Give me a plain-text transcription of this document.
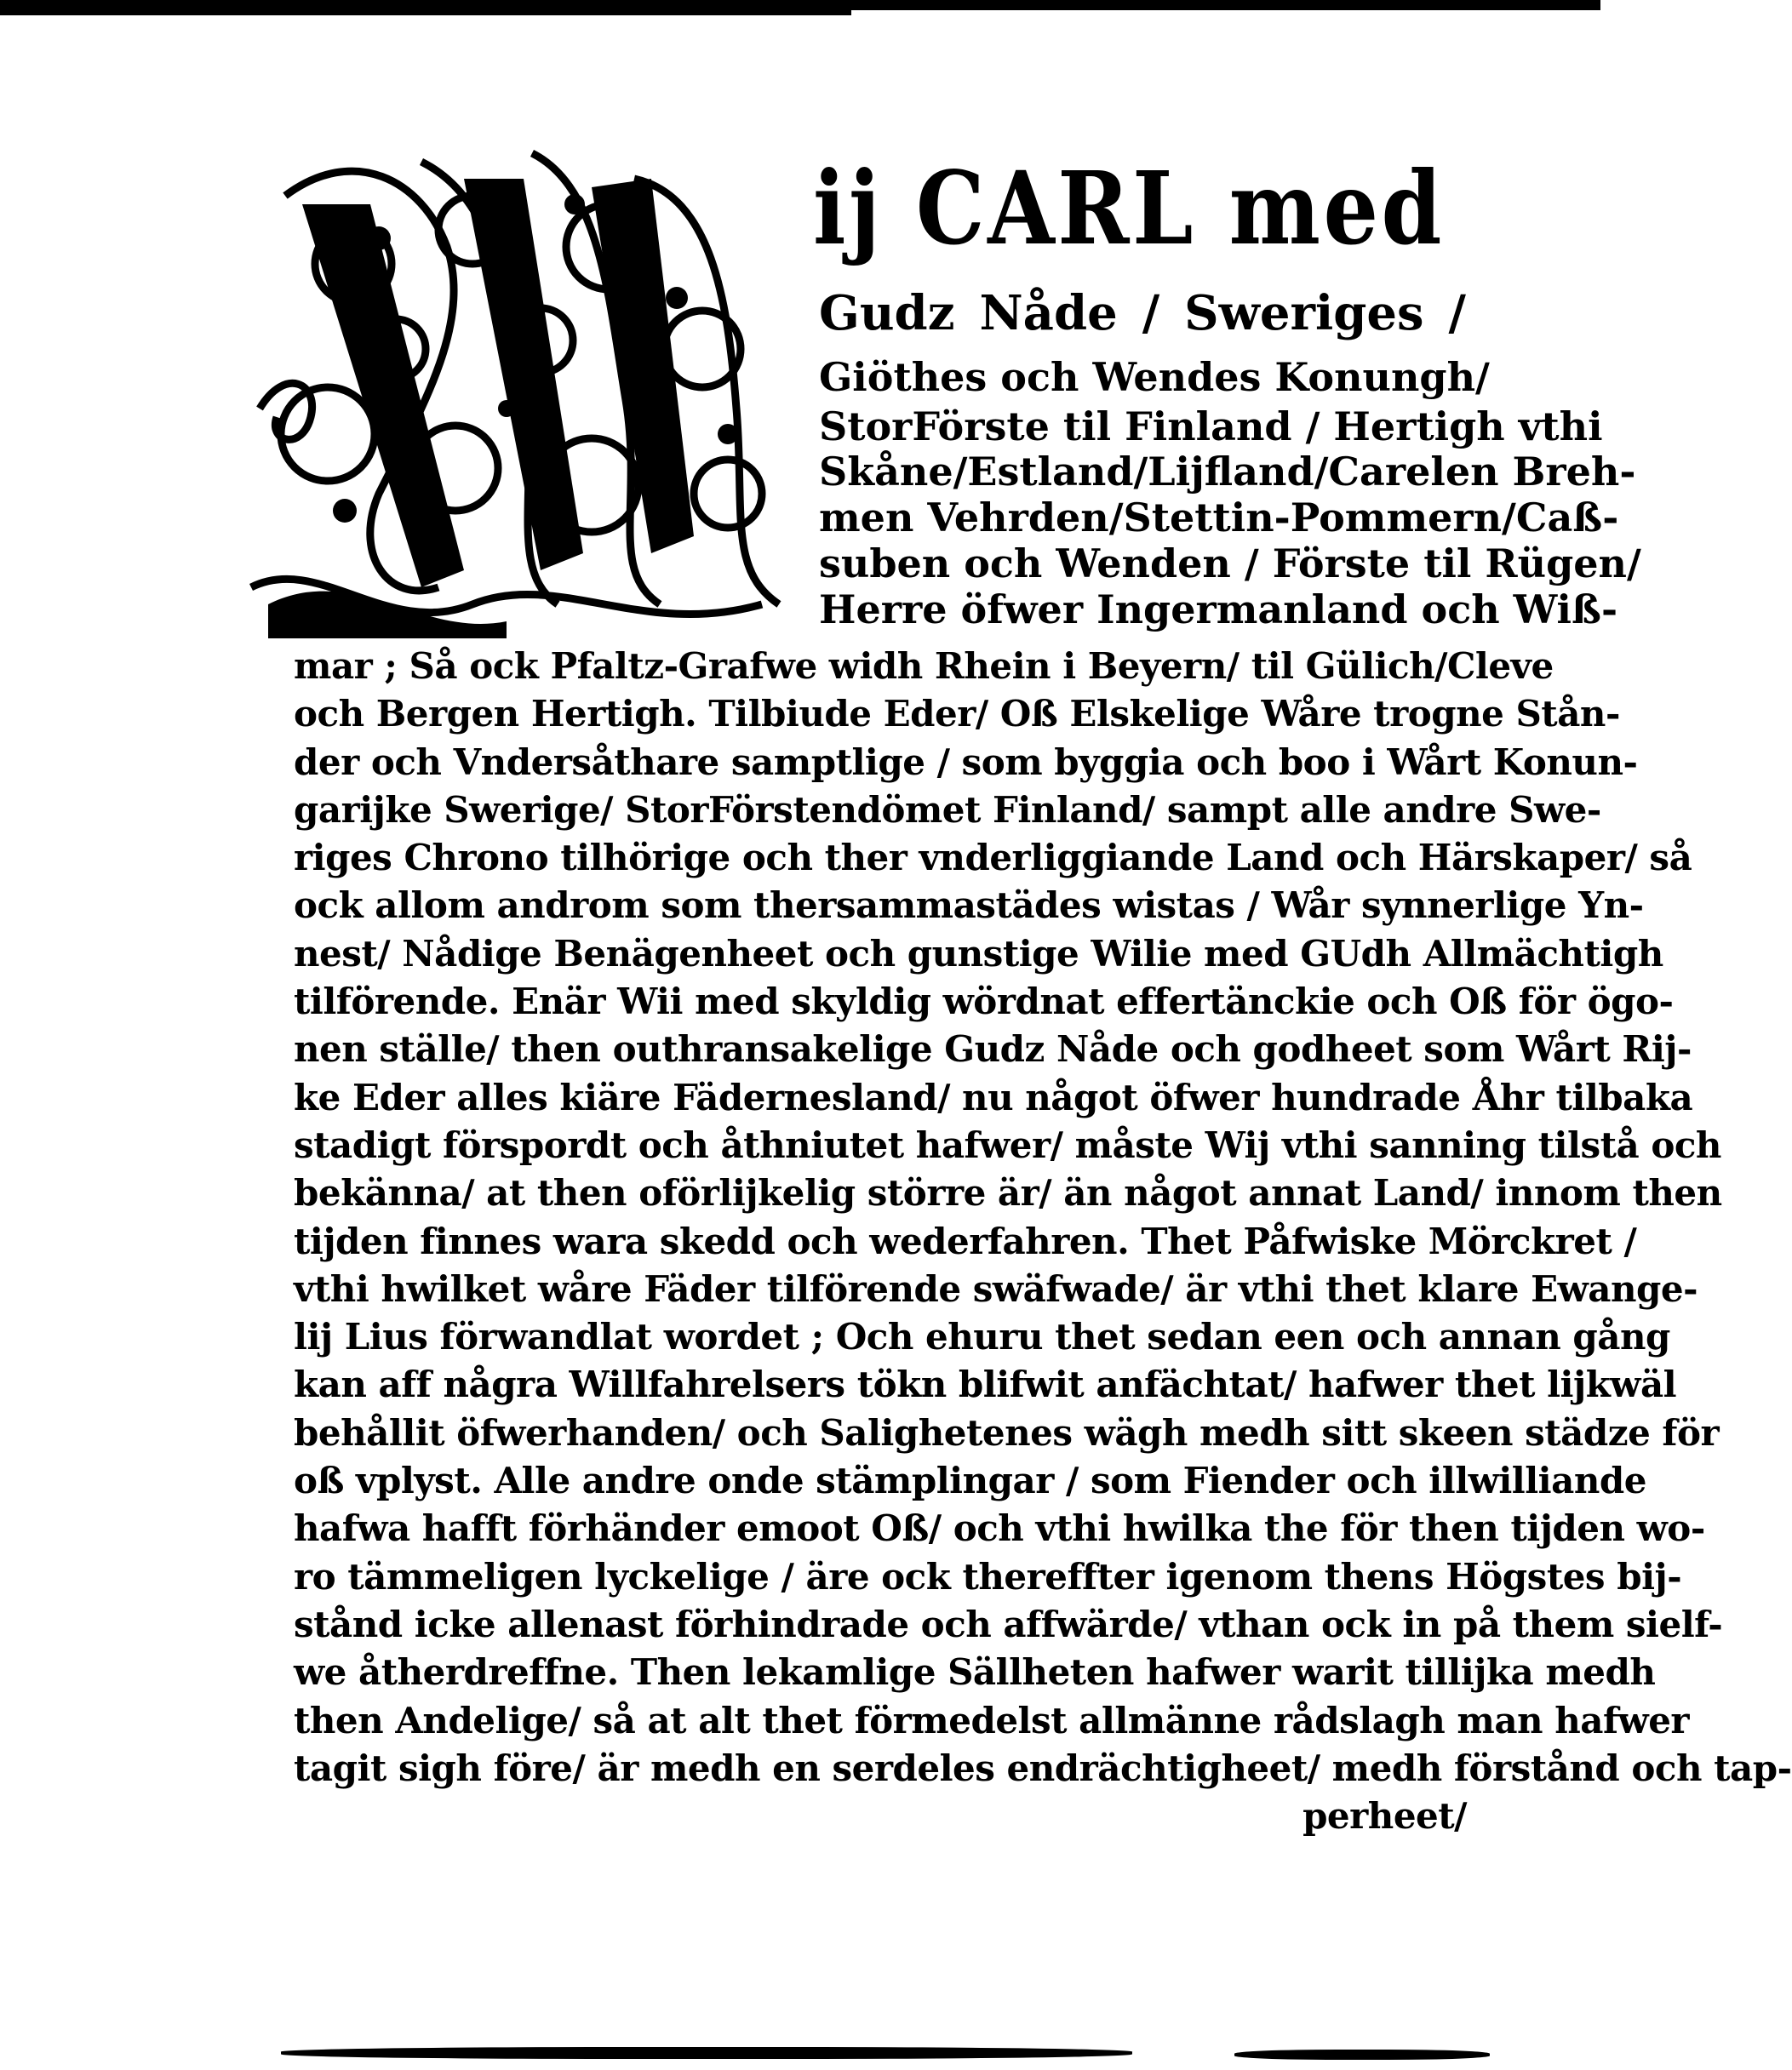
ij CARL med
Gudz Nåde / Sweriges /
Giöthes och Wendes Konungh/
StorFörste til Finland / Hertigh vthi
Skåne/Estland/Lijfland/Carelen Breh-
men Vehrden/Stettin-Pommern/Caß-
suben och Wenden / Förste til Rügen/
Herre öfwer Ingermanland och Wiß-
mar ; Så ock Pfaltz-Grafwe widh Rhein i Beyern/ til Gülich/Cleve
och Bergen Hertigh. Tilbiude Eder/ Oß Elskelige Wåre trogne Stån-
der och Vndersåthare samptlige / som byggia och boo i Wårt Konun-
garijke Swerige/ StorFörstendömet Finland/ sampt alle andre Swe-
riges Chrono tilhörige och ther vnderliggiande Land och Härskaper/ så
ock allom androm som thersammastädes wistas / Wår synnerlige Yn-
nest/ Nådige Benägenheet och gunstige Wilie med GUdh Allmächtigh
tilförende. Enär Wii med skyldig wördnat effertänckie och Oß för ögo-
nen ställe/ then outhransakelige Gudz Nåde och godheet som Wårt Rij-
ke Eder alles kiäre Fädernesland/ nu något öfwer hundrade Åhr tilbaka
stadigt förspordt och åthniutet hafwer/ måste Wij vthi sanning tilstå och
bekänna/ at then oförlijkelig större är/ än något annat Land/ innom then
tijden finnes wara skedd och wederfahren. Thet Påfwiske Mörckret /
vthi hwilket wåre Fäder tilförende swäfwade/ är vthi thet klare Ewange-
lij Lius förwandlat wordet ; Och ehuru thet sedan een och annan gång
kan aff några Willfahrelsers tökn blifwit anfächtat/ hafwer thet lijkwäl
behållit öfwerhanden/ och Salighetenes wägh medh sitt skeen städze för
oß vplyst. Alle andre onde stämplingar / som Fiender och illwilliande
hafwa hafft förhänder emoot Oß/ och vthi hwilka the för then tijden wo-
ro tämmeligen lyckelige / äre ock thereffter igenom thens Högstes bij-
stånd icke allenast förhindrade och affwärde/ vthan ock in på them sielf-
we åtherdreffne. Then lekamlige Sällheten hafwer warit tillijka medh
then Andelige/ så at alt thet förmedelst allmänne rådslagh man hafwer
tagit sigh före/ är medh en serdeles endrächtigheet/ medh förstånd och tap-
perheet/
